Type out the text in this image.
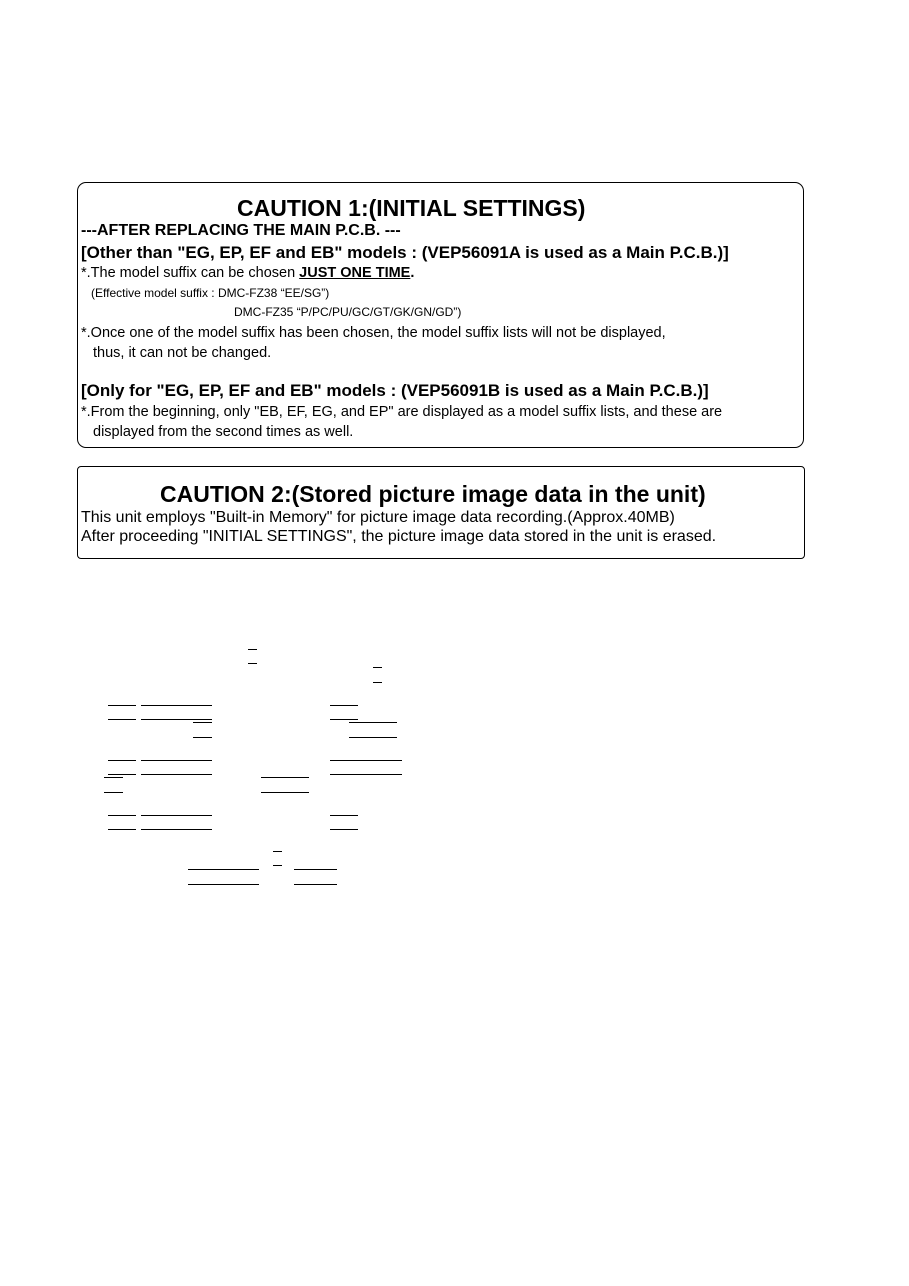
CAUTION 1:(INITIAL SETTINGS)
---AFTER REPLACING THE MAIN P.C.B. ---
[Other than "EG, EP, EF and EB" models : (VEP56091A is used as a Main P.C.B.)]
*.The model suffix can be chosen JUST ONE TIME.
(Effective model suffix : DMC-FZ38 “EE/SG”)
DMC-FZ35 “P/PC/PU/GC/GT/GK/GN/GD”)
*.Once one of the model suffix has been chosen, the model suffix lists will not be displayed,
thus, it can not be changed.
[Only for "EG, EP, EF and EB" models : (VEP56091B is used as a Main P.C.B.)]
*.From the beginning, only "EB, EF, EG, and EP" are displayed as a model suffix lists, and these are
displayed from the second times as well.
CAUTION 2:(Stored picture image data in the unit)
This unit employs "Built-in Memory" for picture image data recording.(Approx.40MB)
After proceeding "INITIAL SETTINGS", the picture image data stored in the unit is erased.
